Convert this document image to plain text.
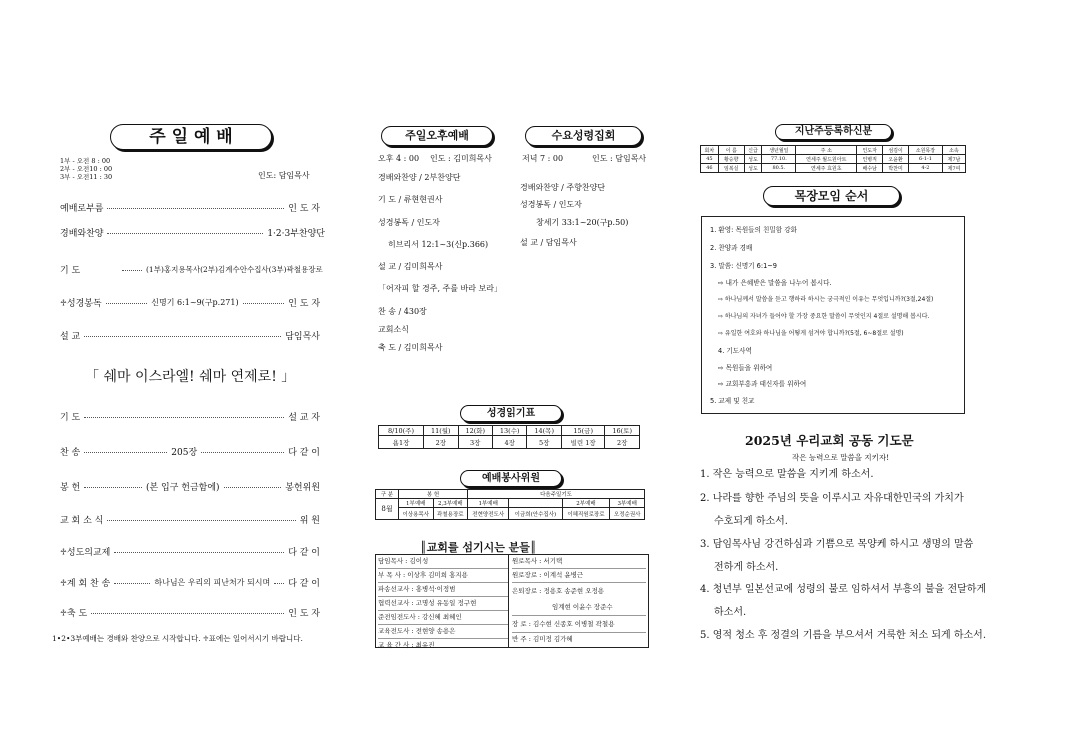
주 일 예 배
1부 - 오전 8 : 00
2부 - 오전10 : 00
3부 - 오전11 : 30	인도: 담임목사
예배로부름	인 도 자
경배와찬양	1·2·3부찬양단
기 도	(1부)홍지용목사(2부)김계수안수집사(3부)곽철용장로
♱성경봉독	신명기 6:1~9(구p.271)	인 도 자
설 교	담임목사
「 쉐마 이스라엘! 쉐마 연제로! 」
기 도	설 교 자
찬 송	205장	다 같 이
봉 헌	(본 입구 헌금함에)	봉헌위원
교 회 소 식	위 원
♱성도의교제	다 같 이
♱계 회 찬 송	하나님은 우리의 피난처가 되시며 다 같 이
♱축 도	인 도 자
1•2•3부예배는 경배와 찬양으로 시작합니다. ♱표에는 일어서시기 바랍니다.
주일오후예배	수요성령집회
오후 4 : 00 인도 : 김미희목사
경배와찬양 / 2부찬양단
기 도 / 류현현권사
성경봉독 / 인도자
히브리서 12:1~3(신p.366)
설 교 / 김미희목사
「어자피 할 경주, 주를 바라 보라」
찬 송 / 430장
교회소식
축 도 / 김미희목사
저녁 7 : 00	인도 : 담임목사
경배와찬양 / 주향찬양단
성경봉독 / 인도자
창세기 33:1~20(구p.50)
설 교 / 담임목사
성경읽기표
8/10(주)	11(월)	12(화)	13(수)	14(목)	15(금)	16(토)
욥1장	2장	3장	4장	5장	빌린 1장	2장
예배봉사위원
구 분	봉 헌		다음주일기도			
8월	1부예배	2,3부예배	1부예배		2부예배	3부예배
	이상용목사	곽철용장로	전현양전도사	이금희(안수집사)	이혜직원로장로	오정순권사
║교회를 섬기시는 분들║
담임목사 : 김이성
부 목 사 : 이상후 김미희 홍지용
파송선교사 : 홍병석·이정범
협력선교사 : 고명성 유동일 정구현
준전임전도사 : 강신혜 최혜인
교육전도사 : 전현양 송용은
교 육 간 사 : 최유진
원로목사 : 서기택
원로장로 : 이계석 윤병근
은퇴장로 : 정용호 송준현 오정용
임계현 이윤수 장준수
장 로 : 김수현 신종호 이병철 곽철용
반 주 : 김미정 김가혜
지난주등록하신분
회차	이 름	신급	생년월일	주 소	인도자	섬김이	소원목장	소속
45	황승향	성도	77.10.	연세주 월드원아트	인병직	오윤환	6-1-1	제7남
46	임복실	성도	80.5.	연세주 효원초	배수남	박찬미	4-2	제7여
목장모임 순서
1. 환영: 목원들의 친밀함 강화
2. 찬양과 경배
3. 말씀: 신명기 6:1~9
⇨ 내가 은혜받은 말씀을 나누어 봅시다.
⇨ 하나님께서 말씀을 듣고 행하라 하시는 궁극적인 이유는 무엇입니까?(3절,24절)
⇨ 하나님의 자녀가 들어야 할 가장 중요한 말씀이 무엇인지 4절로 설명해 봅시다.
⇨ 유일한 여호와 하나님을 어떻게 섬겨야 합니까?(5절, 6~8절로 설명)
4. 기도사역
⇨ 목원들을 위하여
⇨ 교회부흥과 태신자를 위하여
5. 교제 및 친교
2025년 우리교회 공동 기도문
작은 능력으로 말씀을 지키자!
1. 작은 능력으로 말씀을 지키게 하소서.
2. 나라를 향한 주님의 뜻을 이루시고 자유대한민국의 가치가
수호되게 하소서.
3. 담임목사님 강건하심과 기쁨으로 목양케 하시고 생명의 말씀
전하게 하소서.
4. 청년부 일본선교에 성령의 불로 임하셔서 부흥의 불을 전달하게
하소서.
5. 영적 청소 후 정결의 기름을 부으셔서 거룩한 처소 되게 하소서.
